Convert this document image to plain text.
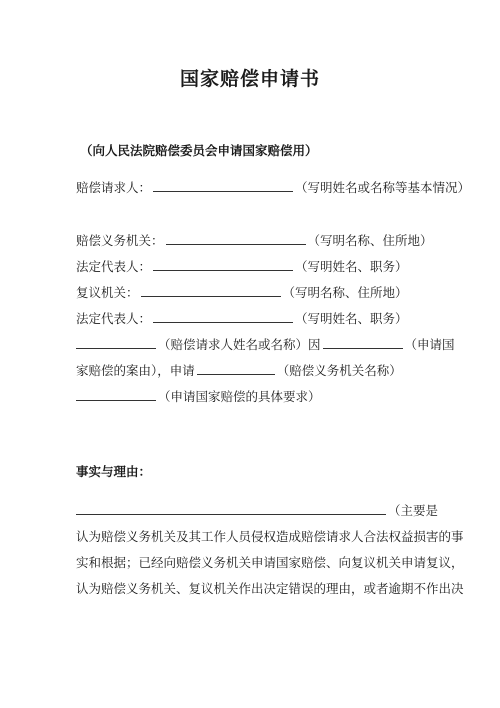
国家赔偿申请书
（向人民法院赔偿委员会申请国家赔偿用）
赔偿请求人：	（写明姓名或名称等基本情况）
赔偿义务机关：	（写明名称、住所地）
法定代表人：	（写明姓名、职务）
复议机关：	（写明名称、住所地）
法定代表人：	（写明姓名、职务）
（赔偿请求人姓名或名称）因	（申请国
家赔偿的案由），申请	（赔偿义务机关名称）
（申请国家赔偿的具体要求）
事实与理由：
（主要是
认为赔偿义务机关及其工作人员侵权造成赔偿请求人合法权益损害的事
实和根据；已经向赔偿义务机关申请国家赔偿、向复议机关申请复议，
认为赔偿义务机关、复议机关作出决定错误的理由，或者逾期不作出决
